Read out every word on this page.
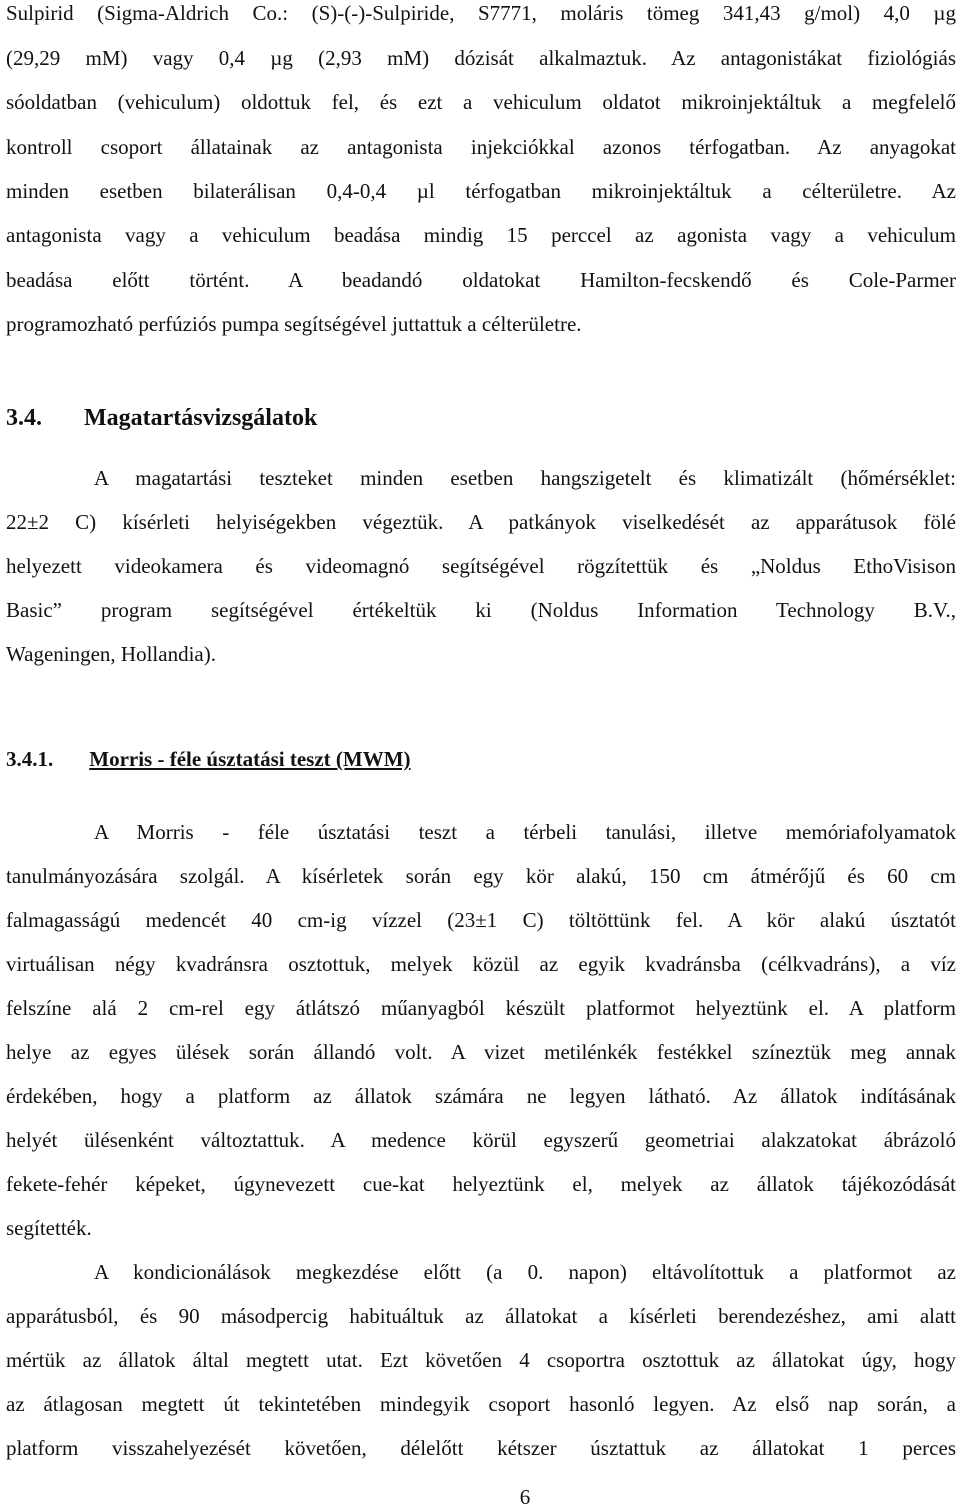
Sulpirid (Sigma-Aldrich Co.: (S)-(-)-Sulpiride, S7771, moláris tömeg 341,43 g/mol) 4,0 µg
(29,29 mM) vagy 0,4 µg (2,93 mM) dózisát alkalmaztuk. Az antagonistákat fiziológiás
sóoldatban (vehiculum) oldottuk fel, és ezt a vehiculum oldatot mikroinjektáltuk a megfelelő
kontroll csoport állatainak az antagonista injekciókkal azonos térfogatban. Az anyagokat
minden esetben bilaterálisan 0,4-0,4 µl térfogatban mikroinjektáltuk a célterületre. Az
antagonista vagy a vehiculum beadása mindig 15 perccel az agonista vagy a vehiculum
beadása előtt történt. A beadandó oldatokat Hamilton-fecskendő és Cole-Parmer
programozható perfúziós pumpa segítségével juttattuk a célterületre.
3.4. Magatartásvizsgálatok
A magatartási teszteket minden esetben hangszigetelt és klimatizált (hőmérséklet:
22±2 C) kísérleti helyiségekben végeztük. A patkányok viselkedését az apparátusok fölé
helyezett videokamera és videomagnó segítségével rögzítettük és „Noldus EthoVisison
Basic” program segítségével értékeltük ki (Noldus Information Technology B.V.,
Wageningen, Hollandia).
3.4.1. Morris - féle úsztatási teszt (MWM)
A Morris - féle úsztatási teszt a térbeli tanulási, illetve memóriafolyamatok
tanulmányozására szolgál. A kísérletek során egy kör alakú, 150 cm átmérőjű és 60 cm
falmagasságú medencét 40 cm-ig vízzel (23±1 C) töltöttünk fel. A kör alakú úsztatót
virtuálisan négy kvadránsra osztottuk, melyek közül az egyik kvadránsba (célkvadráns), a víz
felszíne alá 2 cm-rel egy átlátszó műanyagból készült platformot helyeztünk el. A platform
helye az egyes ülések során állandó volt. A vizet metilénkék festékkel színeztük meg annak
érdekében, hogy a platform az állatok számára ne legyen látható. Az állatok indításának
helyét ülésenként változtattuk. A medence körül egyszerű geometriai alakzatokat ábrázoló
fekete-fehér képeket, úgynevezett cue-kat helyeztünk el, melyek az állatok tájékozódását
segítették.
A kondicionálások megkezdése előtt (a 0. napon) eltávolítottuk a platformot az
apparátusból, és 90 másodpercig habituáltuk az állatokat a kísérleti berendezéshez, ami alatt
mértük az állatok által megtett utat. Ezt követően 4 csoportra osztottuk az állatokat úgy, hogy
az átlagosan megtett út tekintetében mindegyik csoport hasonló legyen. Az első nap során, a
platform visszahelyezését követően, délelőtt kétszer úsztattuk az állatokat 1 perces
6
